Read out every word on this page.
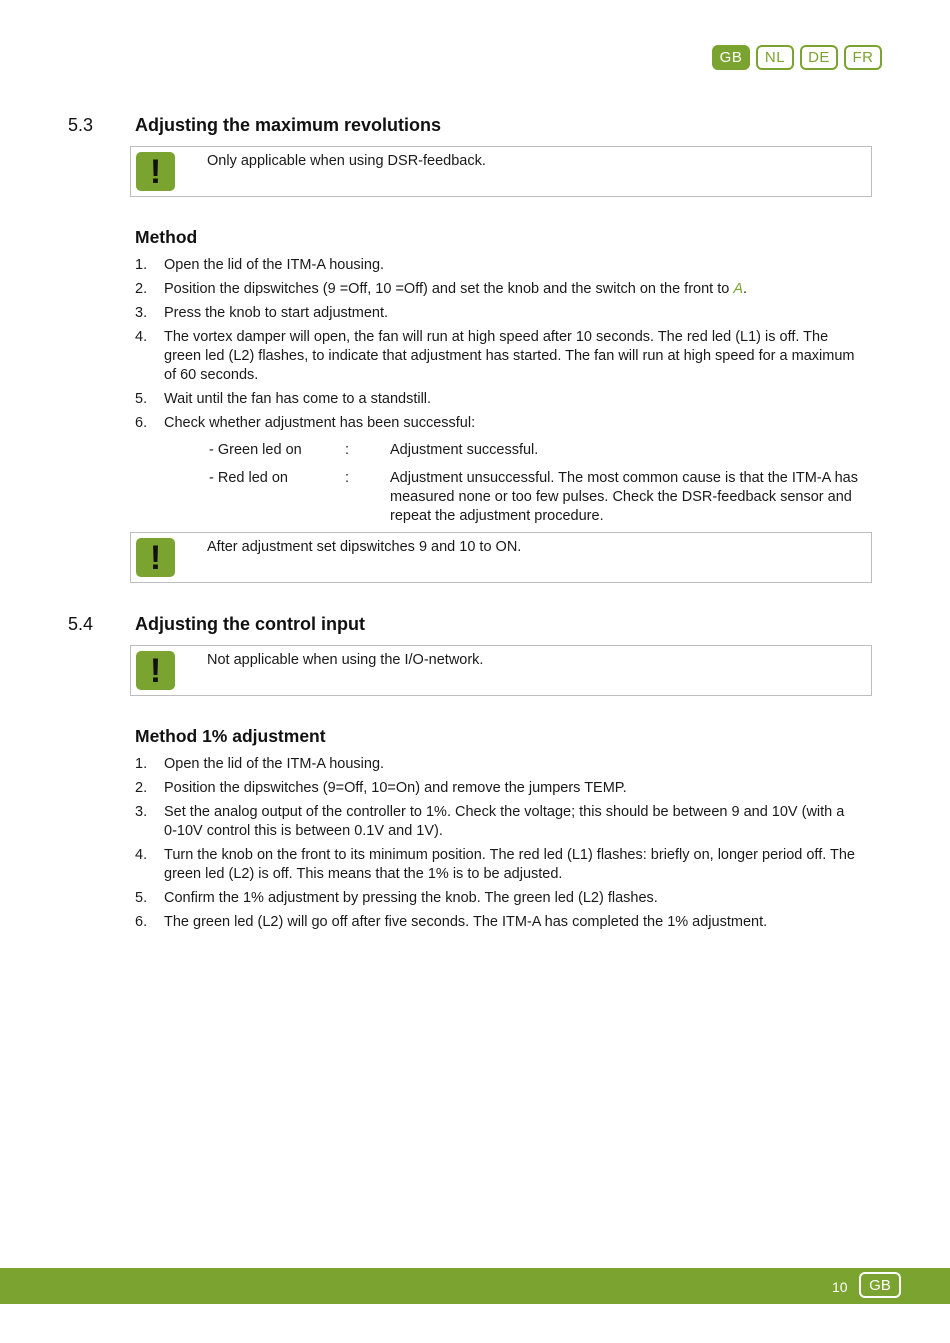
GB	NL	DE	FR
5.3 Adjusting the maximum revolutions
!	Only applicable when using DSR-feedback.
Method
1. Open the lid of the ITM-A housing.
2. Position the dipswitches (9 =Off, 10 =Off) and set the knob and the switch on the front to A.
3. Press the knob to start adjustment.
4. The vortex damper will open, the fan will run at high speed after 10 seconds. The red led (L1) is off. The green led (L2) flashes, to indicate that adjustment has started. The fan will run at high speed for a maximum of 60 seconds.
5. Wait until the fan has come to a standstill.
6. Check whether adjustment has been successful:
- Green led on	:	Adjustment successful.
- Red led on	:	Adjustment unsuccessful. The most common cause is that the ITM-A has measured none or too few pulses. Check the DSR-feedback sensor and repeat the adjustment procedure.
!	After adjustment set dipswitches 9 and 10 to ON.
5.4 Adjusting the control input
!	Not applicable when using the I/O-network.
Method 1% adjustment
1. Open the lid of the ITM-A housing.
2. Position the dipswitches (9=Off, 10=On) and remove the jumpers TEMP.
3. Set the analog output of the controller to 1%. Check the voltage; this should be between 9 and 10V (with a 0-10V control this is between 0.1V and 1V).
4. Turn the knob on the front to its minimum position. The red led (L1) flashes: briefly on, longer period off. The green led (L2) is off. This means that the 1% is to be adjusted.
5. Confirm the 1% adjustment by pressing the knob. The green led (L2) flashes.
6. The green led (L2) will go off after five seconds. The ITM-A has completed the 1% adjustment.
10	GB
